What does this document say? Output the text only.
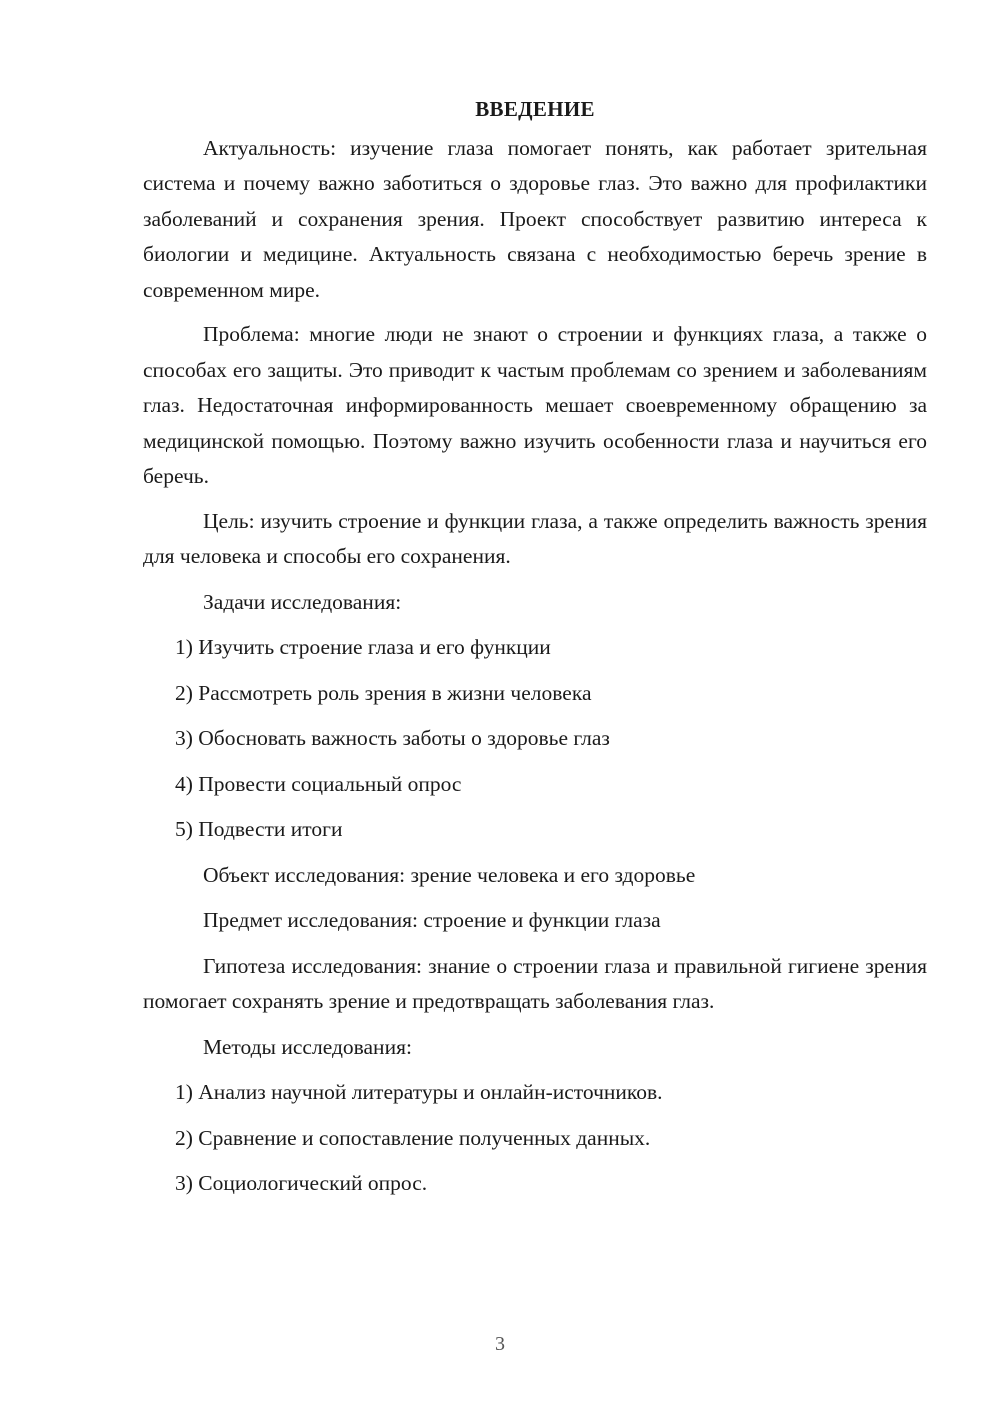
ВВЕДЕНИЕ

Актуальность: изучение глаза помогает понять, как работает зрительная система и почему важно заботиться о здоровье глаз. Это важно для профилактики заболеваний и сохранения зрения. Проект способствует развитию интереса к биологии и медицине. Актуальность связана с необходимостью беречь зрение в современном мире.

Проблема: многие люди не знают о строении и функциях глаза, а также о способах его защиты. Это приводит к частым проблемам со зрением и заболеваниям глаз. Недостаточная информированность мешает своевременному обращению за медицинской помощью. Поэтому важно изучить особенности глаза и научиться его беречь.

Цель: изучить строение и функции глаза, а также определить важность зрения для человека и способы его сохранения.

Задачи исследования:

1) Изучить строение глаза и его функции
2) Рассмотреть роль зрения в жизни человека
3) Обосновать важность заботы о здоровье глаз
4) Провести социальный опрос
5) Подвести итоги

Объект исследования: зрение человека и его здоровье

Предмет исследования: строение и функции глаза

Гипотеза исследования: знание о строении глаза и правильной гигиене зрения помогает сохранять зрение и предотвращать заболевания глаз.

Методы исследования:

1) Анализ научной литературы и онлайн-источников.
2) Сравнение и сопоставление полученных данных.
3) Социологический опрос.
3
